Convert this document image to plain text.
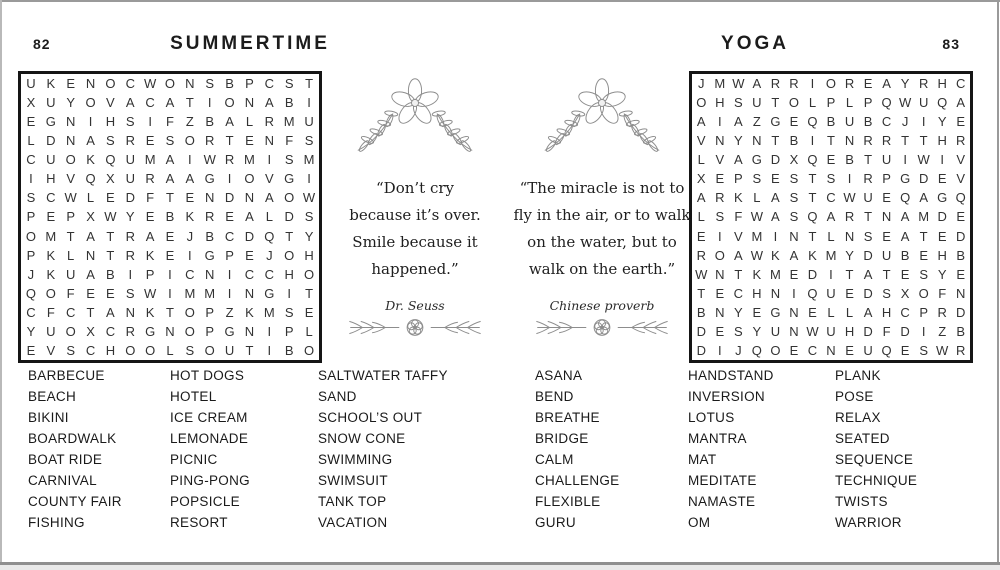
82	SUMMERTIME	YOGA	83
U K E N O C W O N S B P C S T
X U Y O V A C A T	I	O N A B	I
E G N	I	H S	I	F Z B A L R M U
L D N A S R E S O R T E N F S
C U O K Q U M A	I W R M I	S M
I	H V Q X U R A A G	I O V G	I
S C W L E D F T E N D N A O W
P E P X W Y E B K R E A L D S
O M T A T R A E J B C D Q T Y
P K L N T R K E	I G P E J O H
J K U A B	I	P	I	C N	I	C C H O
Q O F E E S W I M M I	N G I	T
C F C T A N K T O P Z K M S E
Y U O X C R G N O P G N	I	P L
E V S C H O O L S O U T	I	B O
J M W A R R I O R E A Y R H C
O H S U T O L P L P Q W U Q A
A I A Z G E Q B U B C J	I Y E
V N Y N T B I T N R R T T H R
L V A G D X Q E B T U I W I V
X E P S E S T S I R P G D E V
A R K L A S T C W U E Q A G Q
L S F W A S Q A R T N A M D E
E I V M I N T L N S E A T E D
R O A W K A K M Y D U B E H B
W N T K M E D I T A T E S Y E
T E C H N I Q U E D S X O F N
B N Y E G N E L L A H C P R D
D E S Y U N W U H D F D I Z B
D I	J Q O E C N E U Q E S W R
“Don’t cry
because it’s over.
Smile because it
happened.”
Dr. Seuss
“The miracle is not to
fly in the air, or to walk
on the water, but to
walk on the earth.”
Chinese proverb
BARBECUE
BEACH
BIKINI
BOARDWALK
BOAT RIDE
CARNIVAL
COUNTY FAIR
FISHING
HOT DOGS
HOTEL
ICE CREAM
LEMONADE
PICNIC
PING-PONG
POPSICLE
RESORT
SALTWATER TAFFY
SAND
SCHOOL’S OUT
SNOW CONE
SWIMMING
SWIMSUIT
TANK TOP
VACATION
ASANA
BEND
BREATHE
BRIDGE
CALM
CHALLENGE
FLEXIBLE
GURU
HANDSTAND
INVERSION
LOTUS
MANTRA
MAT
MEDITATE
NAMASTE
OM
PLANK
POSE
RELAX
SEATED
SEQUENCE
TECHNIQUE
TWISTS
WARRIOR
